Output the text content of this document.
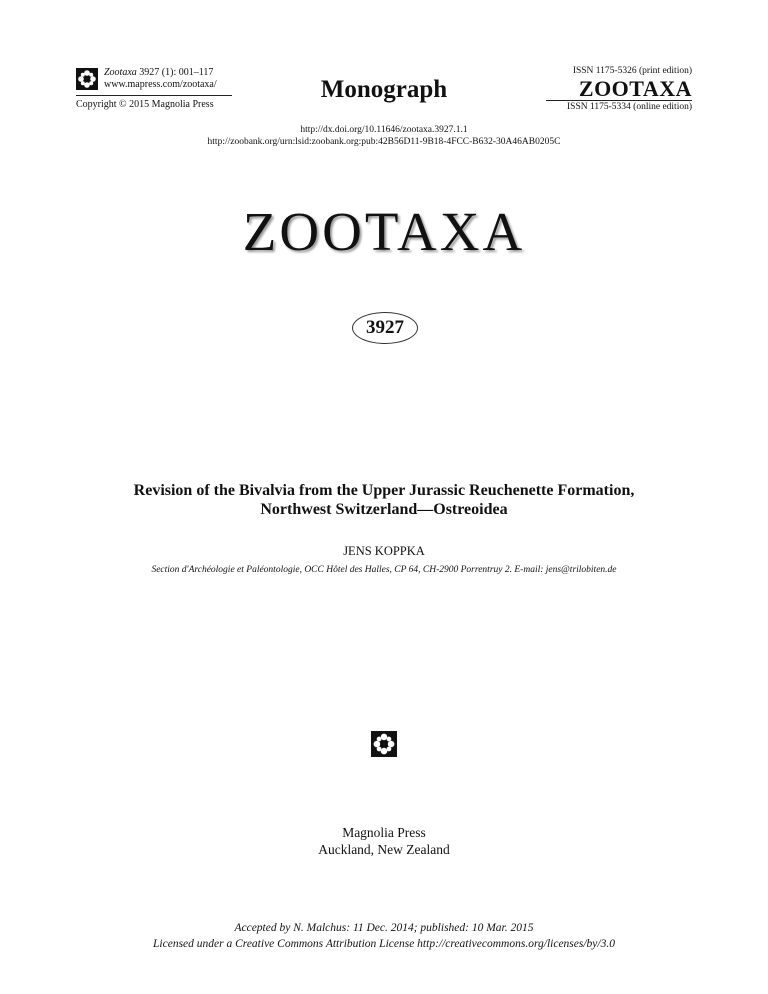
Zootaxa 3927 (1): 001–117
www.mapress.com/zootaxa/
Copyright © 2015 Magnolia Press
Monograph
ISSN 1175-5326 (print edition)
ZOOTAXA
ISSN 1175-5334 (online edition)
http://dx.doi.org/10.11646/zootaxa.3927.1.1
http://zoobank.org/urn:lsid:zoobank.org:pub:42B56D11-9B18-4FCC-B632-30A46AB0205C
ZOOTAXA
3927
Revision of the Bivalvia from the Upper Jurassic Reuchenette Formation,
Northwest Switzerland—Ostreoidea
JENS KOPPKA
Section d'Archéologie et Paléontologie, OCC Hôtel des Halles, CP 64, CH-2900 Porrentruy 2. E-mail: jens@trilobiten.de
Magnolia Press
Auckland, New Zealand
Accepted by N. Malchus: 11 Dec. 2014; published: 10 Mar. 2015
Licensed under a Creative Commons Attribution License http://creativecommons.org/licenses/by/3.0
